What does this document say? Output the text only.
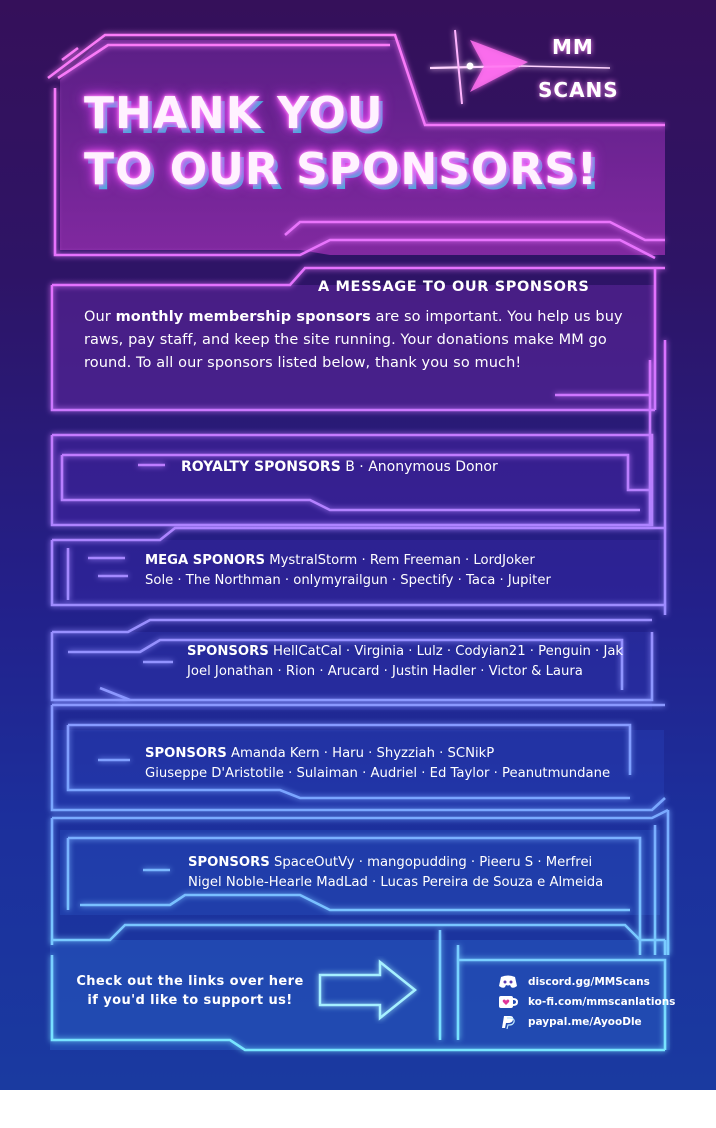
THANK YOU
TO OUR SPONSORS!
MM
SCANS
A MESSAGE TO OUR SPONSORS
Our monthly membership sponsors are so important. You help us buy raws, pay staff, and keep the site running. Your donations make MM go round. To all our sponsors listed below, thank you so much!
ROYALTY SPONSORS B · Anonymous Donor
MEGA SPONORS MystralStorm · Rem Freeman · LordJoker
Sole · The Northman · onlymyrailgun · Spectify · Taca · Jupiter
SPONSORS HellCatCal · Virginia · Lulz · Codyian21 · Penguin · Jak
Joel Jonathan · Rion · Arucard · Justin Hadler · Victor & Laura
SPONSORS Amanda Kern · Haru · Shyzziah · SCNikP
Giuseppe D'Aristotile · Sulaiman · Audriel · Ed Taylor · Peanutmundane
SPONSORS SpaceOutVy · mangopudding · Pieeru S · Merfrei
Nigel Noble-Hearle MadLad · Lucas Pereira de Souza e Almeida
Check out the links over here
if you'd like to support us!
discord.gg/MMScans
ko-fi.com/mmscanlations
paypal.me/AyooDle
